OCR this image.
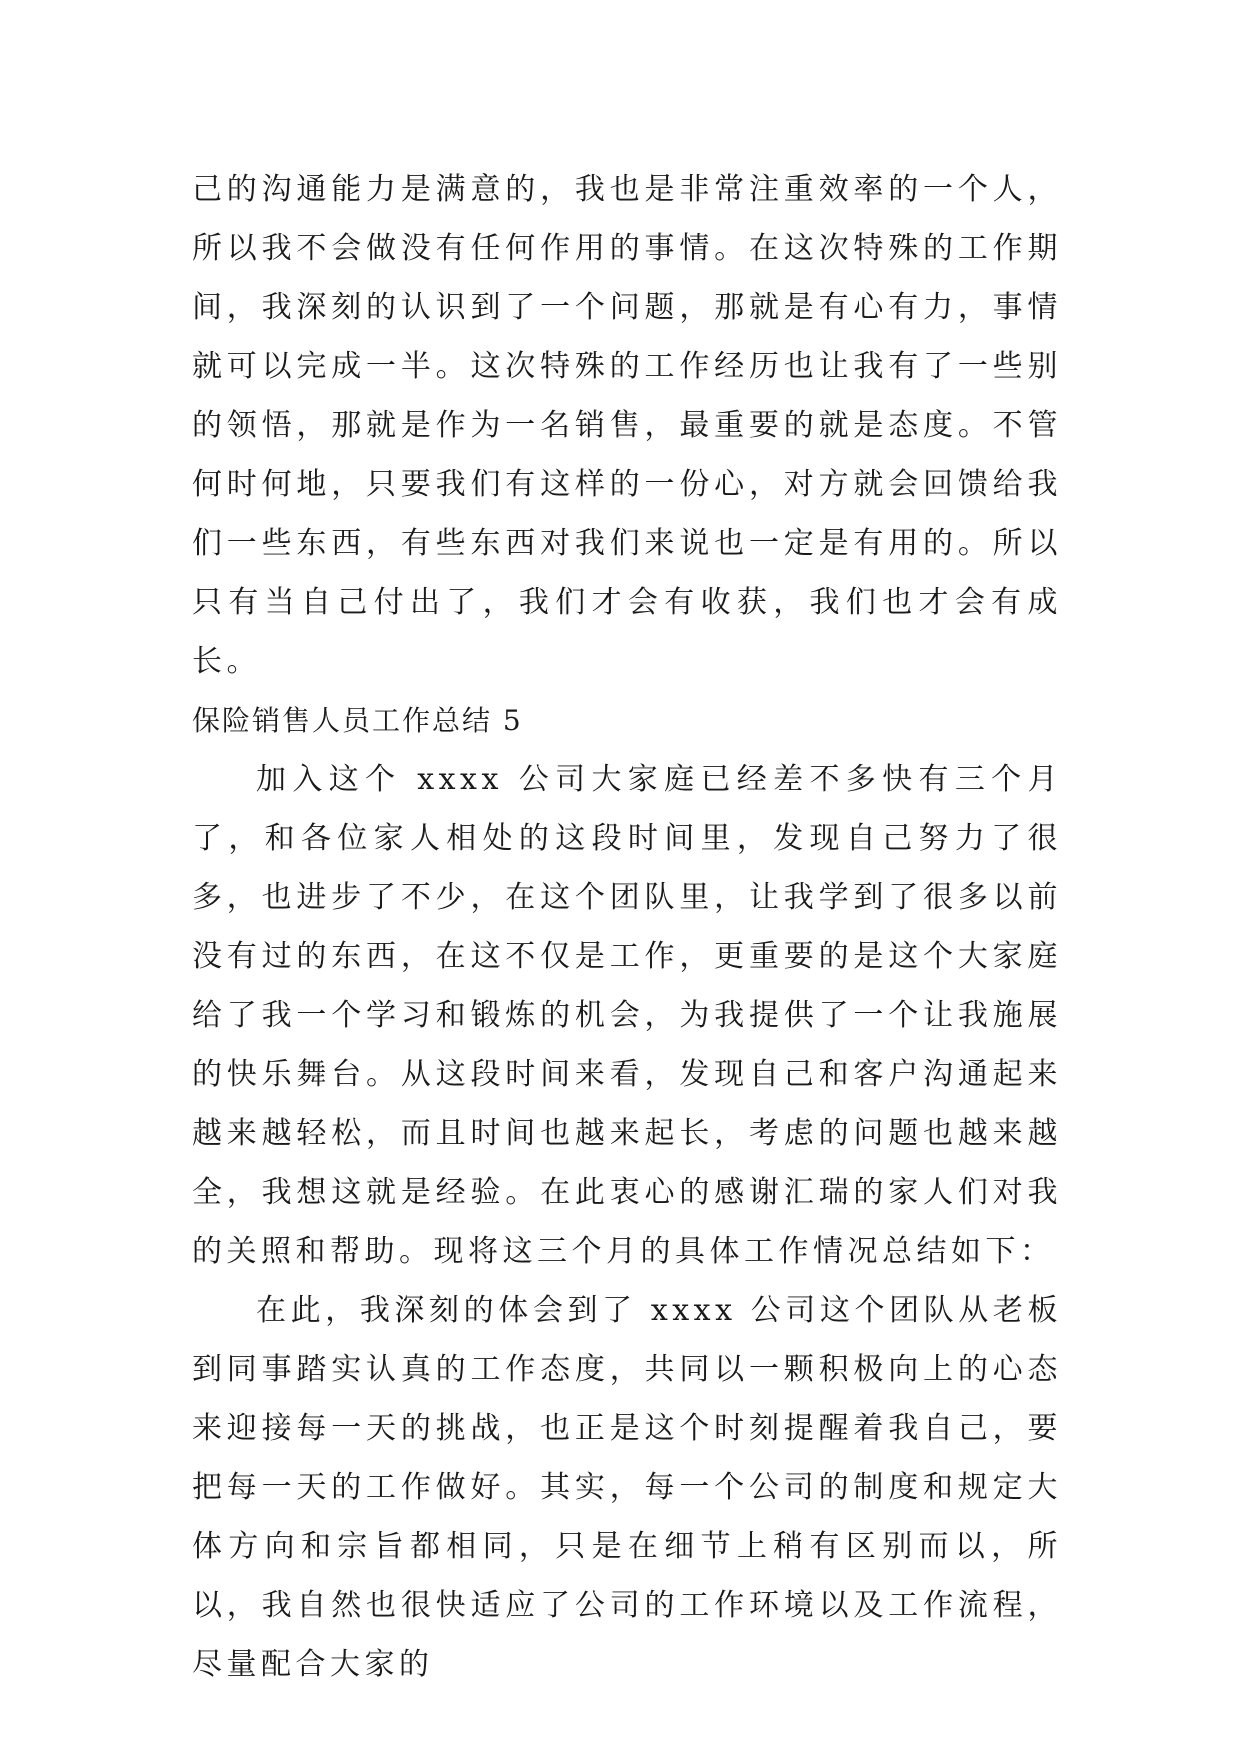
己的沟通能力是满意的，我也是非常注重效率的一个人，所以我不会做没有任何作用的事情。在这次特殊的工作期间，我深刻的认识到了一个问题，那就是有心有力，事情就可以完成一半。这次特殊的工作经历也让我有了一些别的领悟，那就是作为一名销售，最重要的就是态度。不管何时何地，只要我们有这样的一份心，对方就会回馈给我们一些东西，有些东西对我们来说也一定是有用的。所以只有当自己付出了，我们才会有收获，我们也才会有成长。

保险销售人员工作总结 5

加入这个 xxxx 公司大家庭已经差不多快有三个月了，和各位家人相处的这段时间里，发现自己努力了很多，也进步了不少，在这个团队里，让我学到了很多以前没有过的东西，在这不仅是工作，更重要的是这个大家庭给了我一个学习和锻炼的机会，为我提供了一个让我施展的快乐舞台。从这段时间来看，发现自己和客户沟通起来越来越轻松，而且时间也越来起长，考虑的问题也越来越全，我想这就是经验。在此衷心的感谢汇瑞的家人们对我的关照和帮助。现将这三个月的具体工作情况总结如下：

在此，我深刻的体会到了 xxxx 公司这个团队从老板到同事踏实认真的工作态度，共同以一颗积极向上的心态来迎接每一天的挑战，也正是这个时刻提醒着我自己，要把每一天的工作做好。其实，每一个公司的制度和规定大体方向和宗旨都相同，只是在细节上稍有区别而以，所以，我自然也很快适应了公司的工作环境以及工作流程，尽量配合大家的
